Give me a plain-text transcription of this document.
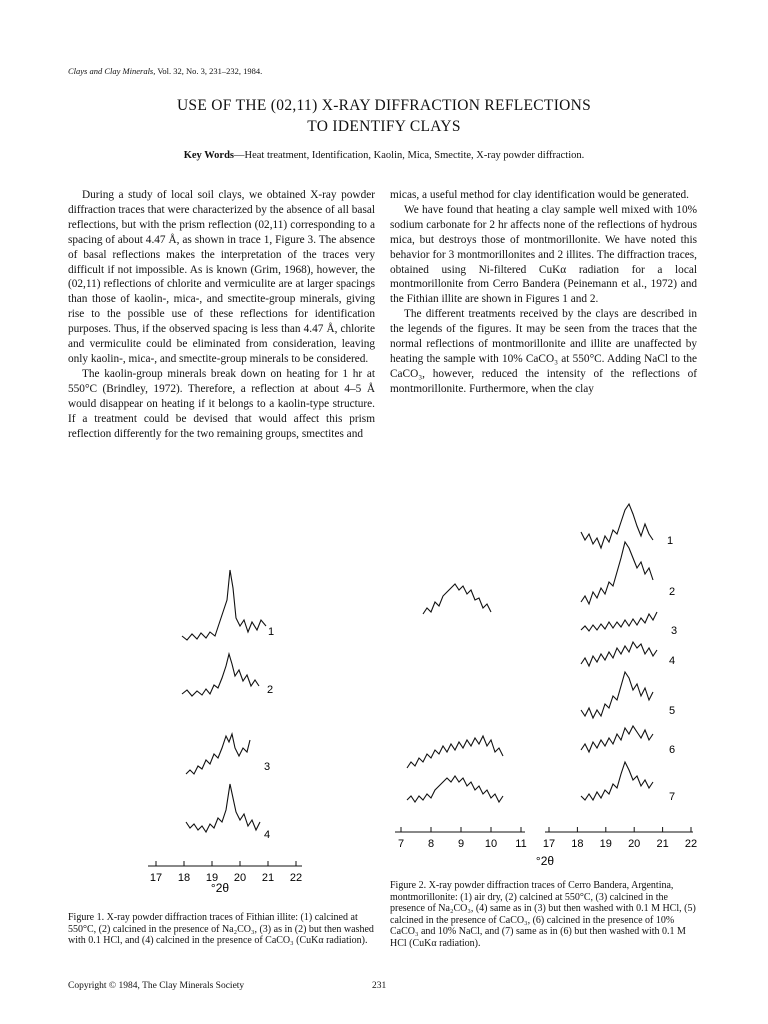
Clays and Clay Minerals, Vol. 32, No. 3, 231–232, 1984.
USE OF THE (02,11) X-RAY DIFFRACTION REFLECTIONS
TO IDENTIFY CLAYS
Key Words—Heat treatment, Identification, Kaolin, Mica, Smectite, X-ray powder diffraction.

During a study of local soil clays, we obtained X-ray powder diffraction traces that were characterized by the absence of all basal reflections, but with the prism reflection (02,11) corresponding to a spacing of about 4.47 Å, as shown in trace 1, Figure 3. The absence of basal reflections makes the interpretation of the traces very difficult if not impossible. As is known (Grim, 1968), however, the (02,11) reflections of chlorite and vermiculite are at larger spacings than those of kaolin-, mica-, and smectite-group minerals, giving rise to the possible use of these reflections for identification purposes. Thus, if the observed spacing is less than 4.47 Å, chlorite and vermiculite could be eliminated from consideration, leaving only kaolin-, mica-, and smectite-group minerals to be considered.

The kaolin-group minerals break down on heating for 1 hr at 550°C (Brindley, 1972). Therefore, a reflection at about 4–5 Å would disappear on heating if it belongs to a kaolin-type structure. If a treatment could be devised that would affect this prism reflection differently for the two remaining groups, smectites and

micas, a useful method for clay identification would be generated.

We have found that heating a clay sample well mixed with 10% sodium carbonate for 2 hr affects none of the reflections of hydrous mica, but destroys those of montmorillonite. We have noted this behavior for 3 montmorillonites and 2 illites. The diffraction traces, obtained using Ni-filtered CuKα radiation for a local montmorillonite from Cerro Bandera (Peinemann et al., 1972) and the Fithian illite are shown in Figures 1 and 2.

The different treatments received by the clays are described in the legends of the figures. It may be seen from the traces that the normal reflections of montmorillonite and illite are unaffected by heating the sample with 10% CaCO₃ at 550°C. Adding NaCl to the CaCO₃, however, reduced the intensity of the reflections of montmorillonite. Furthermore, when the clay

1
2
3
4
17 18 19 20 21 22
°2θ
Figure 1. X-ray powder diffraction traces of Fithian illite: (1) calcined at 550°C, (2) calcined in the presence of Na₂CO₃, (3) as in (2) but then washed with 0.1 HCl, and (4) calcined in the presence of CaCO₃ (CuKα radiation).
1
2
3
4
5
6
7
7 8 9 10 11 17 18 19 20 21 22
°2θ
Figure 2. X-ray powder diffraction traces of Cerro Bandera, Argentina, montmorillonite: (1) air dry, (2) calcined at 550°C, (3) calcined in the presence of Na₂CO₃, (4) same as in (3) but then washed with 0.1 M HCl, (5) calcined in the presence of CaCO₃, (6) calcined in the presence of 10% CaCO₃ and 10% NaCl, and (7) same as in (6) but then washed with 0.1 M HCl (CuKα radiation).
Copyright © 1984, The Clay Minerals Society	231
